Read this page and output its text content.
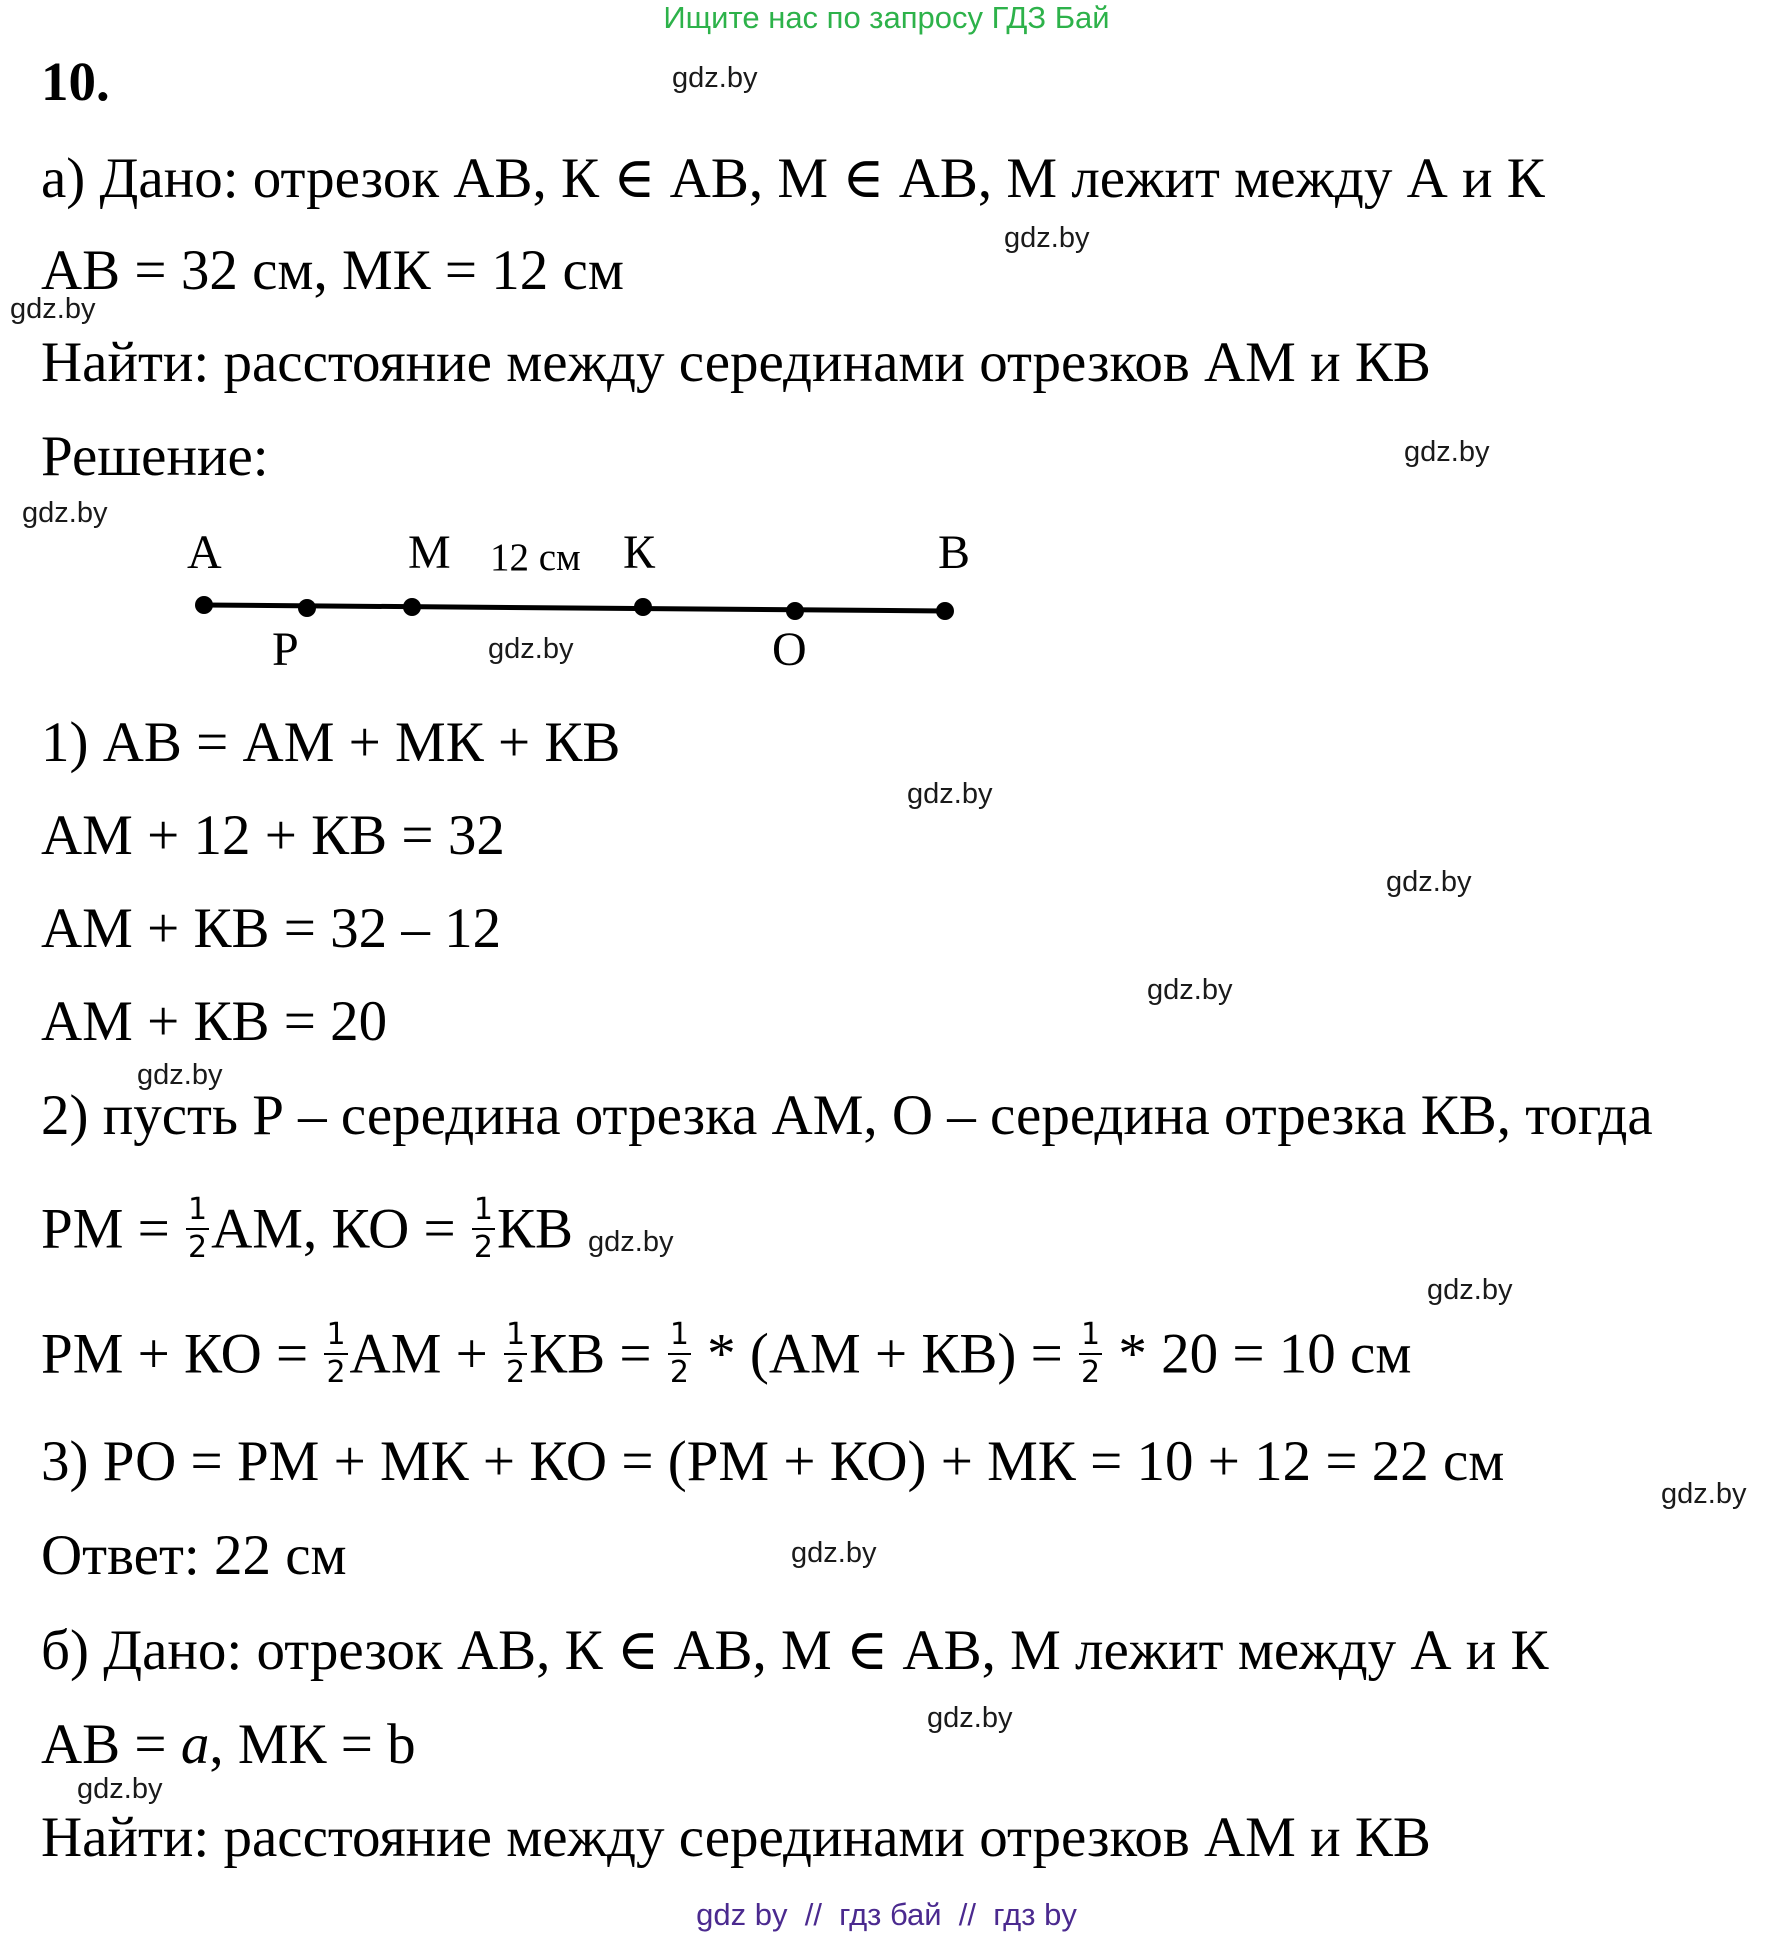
Ищите нас по запросу ГДЗ Бай
10.
а) Дано: отрезок АВ, К ∈ АВ, М ∈ АВ, М лежит между А и К
АВ = 32 см, МК = 12 см
Найти: расстояние между серединами отрезков АМ и КВ
Решение:
А	М 12 см К	В
Р	О
1) АВ = АМ + МК + КВ
АМ + 12 + КВ = 32
АМ + КВ = 32 – 12
АМ + КВ = 20
2) пусть Р – середина отрезка АМ, О – середина отрезка КВ, тогда
РМ = $\frac{1}{2}$ АМ, КО = $\frac{1}{2}$ КВ
РМ + КО = $\frac{1}{2}$ АМ + $\frac{1}{2}$ КВ = $\frac{1}{2} * (АМ + КВ) = \frac{1}{2} * 20 = 10$ см
3) РО = РМ + МК + КО = (РМ + КО) + МК = 10 + 12 = 22 см
Ответ: 22 см
б) Дано: отрезок АВ, К ∈ АВ, М ∈ АВ, М лежит между А и К
АВ = a, МК = b
Найти: расстояние между серединами отрезков АМ и КВ
gdz.by
gdz.by
gdz.by
gdz.by
gdz.by
gdz.by
gdz.by
gdz.by
gdz.by
gdz.by
gdz.by
gdz.by
gdz.by
gdz.by
gdz.by
gdz.by
gdz by  //  гдз бай  //  гдз by
